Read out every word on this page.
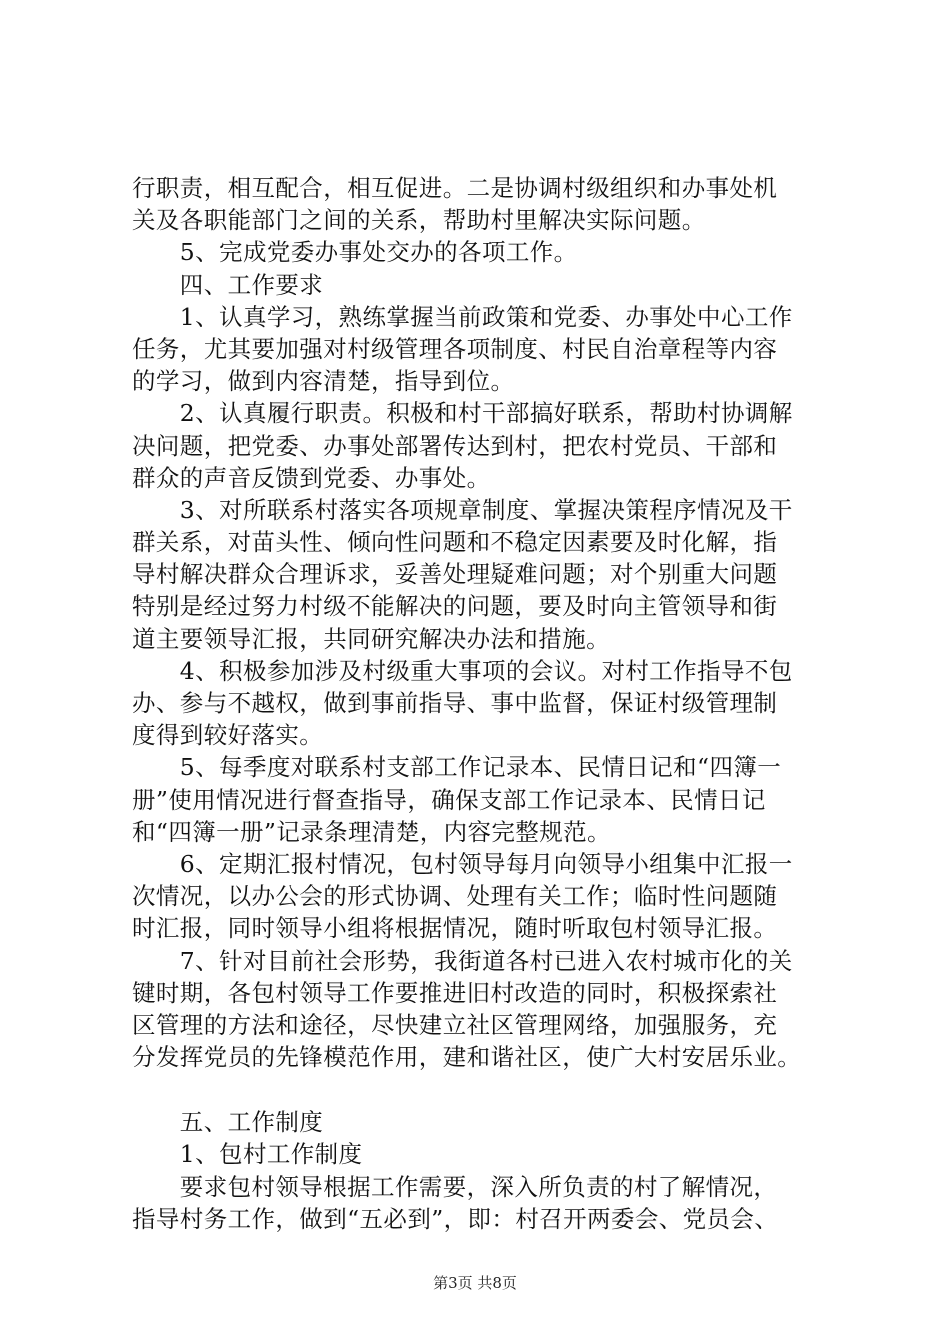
行职责，相互配合，相互促进。二是协调村级组织和办事处机
关及各职能部门之间的关系，帮助村里解决实际问题。
　　5、完成党委办事处交办的各项工作。
　　四、工作要求
　　1、认真学习，熟练掌握当前政策和党委、办事处中心工作
任务，尤其要加强对村级管理各项制度、村民自治章程等内容
的学习，做到内容清楚，指导到位。
　　2、认真履行职责。积极和村干部搞好联系，帮助村协调解
决问题，把党委、办事处部署传达到村，把农村党员、干部和
群众的声音反馈到党委、办事处。
　　3、对所联系村落实各项规章制度、掌握决策程序情况及干
群关系，对苗头性、倾向性问题和不稳定因素要及时化解，指
导村解决群众合理诉求，妥善处理疑难问题；对个别重大问题
特别是经过努力村级不能解决的问题，要及时向主管领导和街
道主要领导汇报，共同研究解决办法和措施。
　　4、积极参加涉及村级重大事项的会议。对村工作指导不包
办、参与不越权，做到事前指导、事中监督，保证村级管理制
度得到较好落实。
　　5、每季度对联系村支部工作记录本、民情日记和“四簿一
册”使用情况进行督查指导，确保支部工作记录本、民情日记
和“四簿一册”记录条理清楚，内容完整规范。
　　6、定期汇报村情况，包村领导每月向领导小组集中汇报一
次情况，以办公会的形式协调、处理有关工作；临时性问题随
时汇报，同时领导小组将根据情况，随时听取包村领导汇报。
　　7、针对目前社会形势，我街道各村已进入农村城市化的关
键时期，各包村领导工作要推进旧村改造的同时，积极探索社
区管理的方法和途径，尽快建立社区管理网络，加强服务，充
分发挥党员的先锋模范作用，建和谐社区，使广大村安居乐业。
　　五、工作制度
　　1、包村工作制度
　　要求包村领导根据工作需要，深入所负责的村了解情况，
指导村务工作，做到“五必到”，即：村召开两委会、党员会、
第3页 共8页
